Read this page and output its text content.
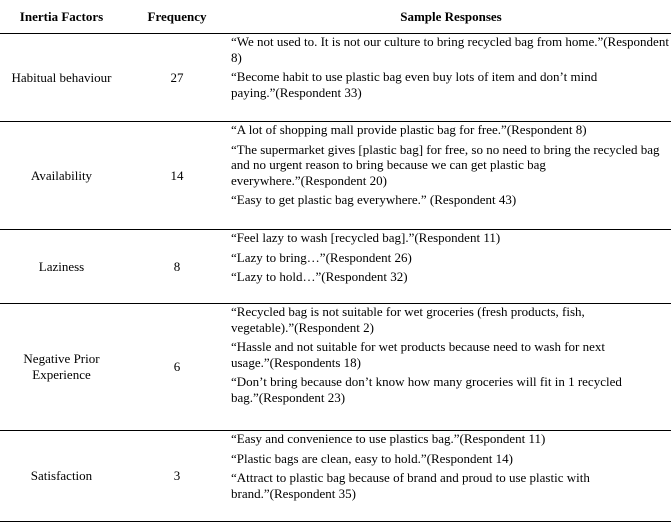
Inertia Factors	Frequency	Sample Responses
Habitual behaviour	27	“We not used to. It is not our culture to bring recycled bag from home.”(Respondent 8)

“Become habit to use plastic bag even buy lots of item and don’t mind paying.”(Respondent 33)

Availability	14	“A lot of shopping mall provide plastic bag for free.”(Respondent 8)

“The supermarket gives [plastic bag] for free, so no need to bring the recycled bag and no urgent reason to bring because we can get plastic bag everywhere.”(Respondent 20)

“Easy to get plastic bag everywhere.” (Respondent 43)

Laziness	8	“Feel lazy to wash [recycled bag].”(Respondent 11)

“Lazy to bring…”(Respondent 26)

“Lazy to hold…”(Respondent 32)

Negative Prior Experience	6	“Recycled bag is not suitable for wet groceries (fresh products, fish, vegetable).”(Respondent 2)

“Hassle and not suitable for wet products because need to wash for next usage.”(Respondents 18)

“Don’t bring because don’t know how many groceries will fit in 1 recycled bag.”(Respondent 23)

Satisfaction	3	“Easy and convenience to use plastics bag.”(Respondent 11)

“Plastic bags are clean, easy to hold.”(Respondent 14)

“Attract to plastic bag because of brand and proud to use plastic with brand.”(Respondent 35)
